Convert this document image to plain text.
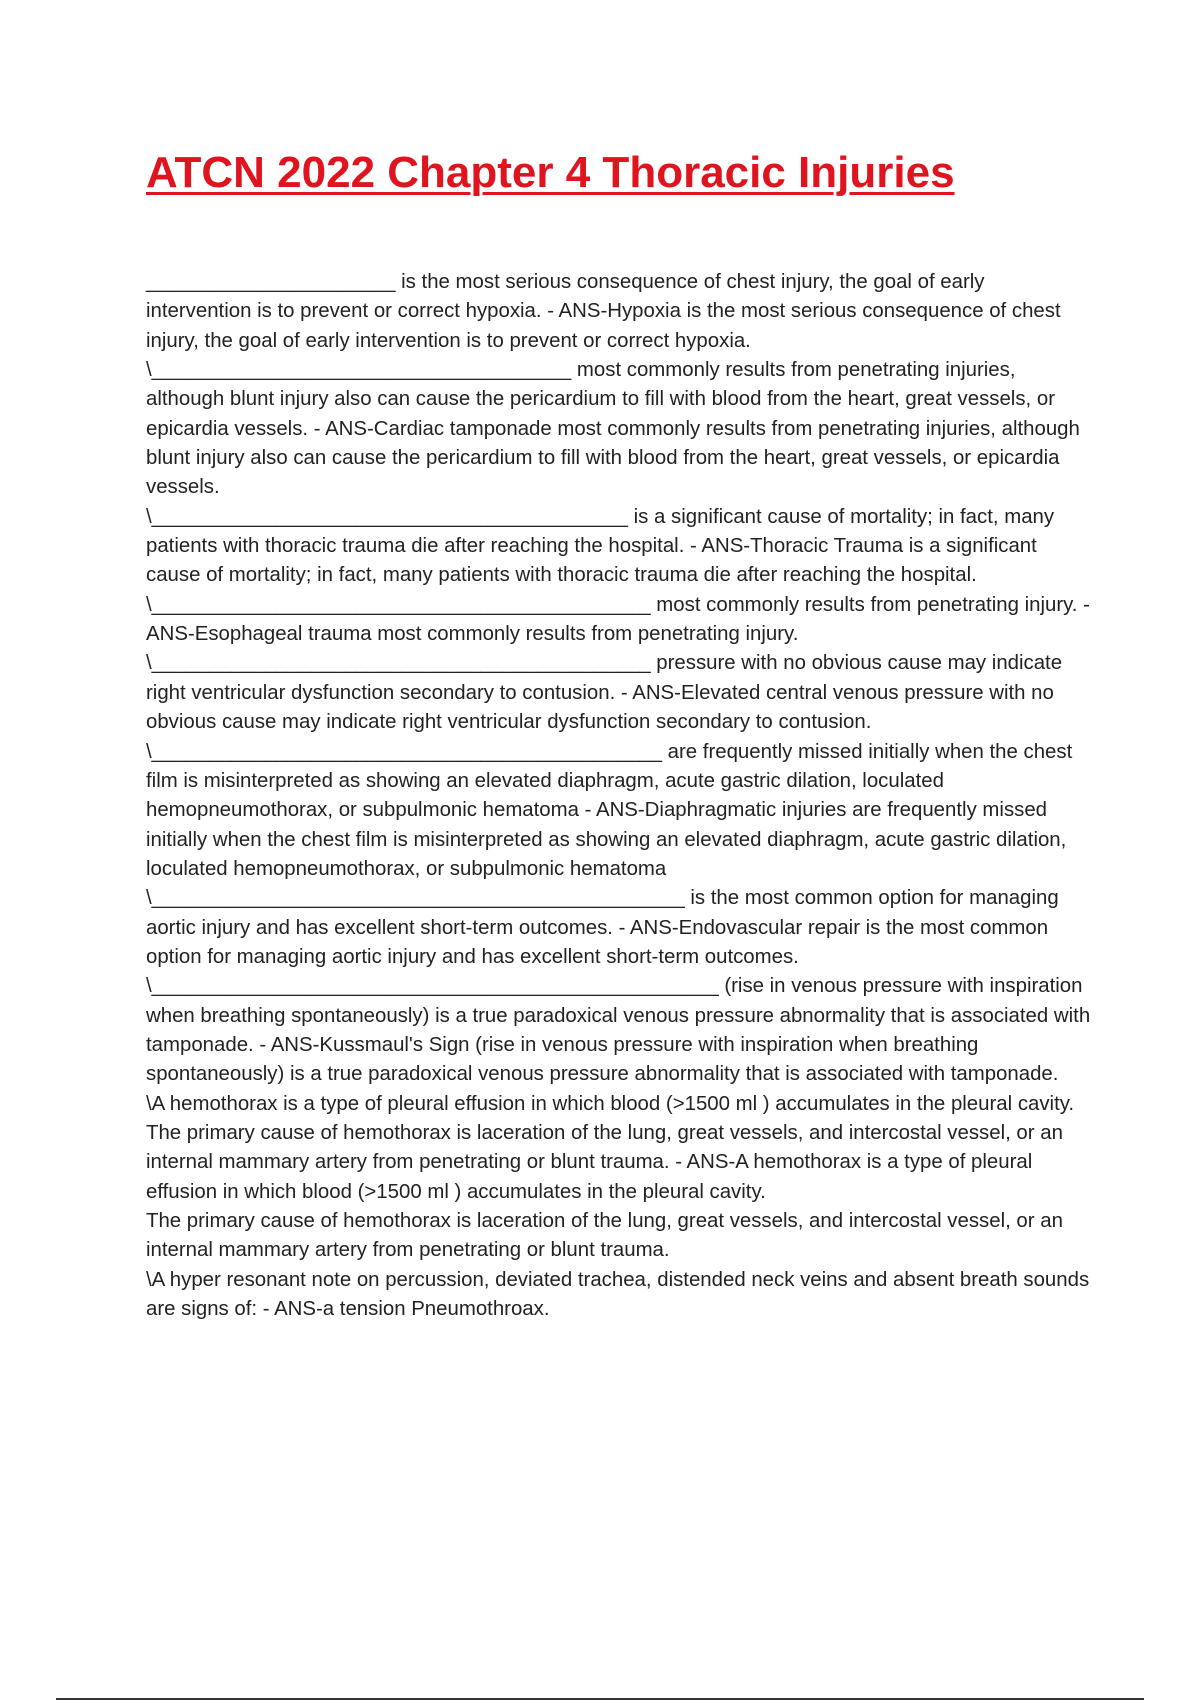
ATCN 2022 Chapter 4 Thoracic Injuries

______________________ is the most serious consequence of chest injury, the goal of early intervention is to prevent or correct hypoxia. - ANS-Hypoxia is the most serious consequence of chest injury, the goal of early intervention is to prevent or correct hypoxia.

\_____________________________________ most commonly results from penetrating injuries, although blunt injury also can cause the pericardium to fill with blood from the heart, great vessels, or epicardia vessels. - ANS-Cardiac tamponade most commonly results from penetrating injuries, although blunt injury also can cause the pericardium to fill with blood from the heart, great vessels, or epicardia vessels.

\__________________________________________ is a significant cause of mortality; in fact, many patients with thoracic trauma die after reaching the hospital. - ANS-Thoracic Trauma is a significant cause of mortality; in fact, many patients with thoracic trauma die after reaching the hospital.

\____________________________________________ most commonly results from penetrating injury. - ANS-Esophageal trauma most commonly results from penetrating injury.

\____________________________________________ pressure with no obvious cause may indicate right ventricular dysfunction secondary to contusion. - ANS-Elevated central venous pressure with no obvious cause may indicate right ventricular dysfunction secondary to contusion.

\_____________________________________________ are frequently missed initially when the chest film is misinterpreted as showing an elevated diaphragm, acute gastric dilation, loculated hemopneumothorax, or subpulmonic hematoma - ANS-Diaphragmatic injuries are frequently missed initially when the chest film is misinterpreted as showing an elevated diaphragm, acute gastric dilation, loculated hemopneumothorax, or subpulmonic hematoma

\_______________________________________________ is the most common option for managing aortic injury and has excellent short-term outcomes. - ANS-Endovascular repair is the most common option for managing aortic injury and has excellent short-term outcomes.

\__________________________________________________ (rise in venous pressure with inspiration when breathing spontaneously) is a true paradoxical venous pressure abnormality that is associated with tamponade. - ANS-Kussmaul's Sign (rise in venous pressure with inspiration when breathing spontaneously) is a true paradoxical venous pressure abnormality that is associated with tamponade.

\A hemothorax is a type of pleural effusion in which blood (>1500 ml ) accumulates in the pleural cavity.

The primary cause of hemothorax is laceration of the lung, great vessels, and intercostal vessel, or an internal mammary artery from penetrating or blunt trauma. - ANS-A hemothorax is a type of pleural effusion in which blood (>1500 ml ) accumulates in the pleural cavity.

The primary cause of hemothorax is laceration of the lung, great vessels, and intercostal vessel, or an internal mammary artery from penetrating or blunt trauma.

\A hyper resonant note on percussion, deviated trachea, distended neck veins and absent breath sounds are signs of: - ANS-a tension Pneumothroax.
